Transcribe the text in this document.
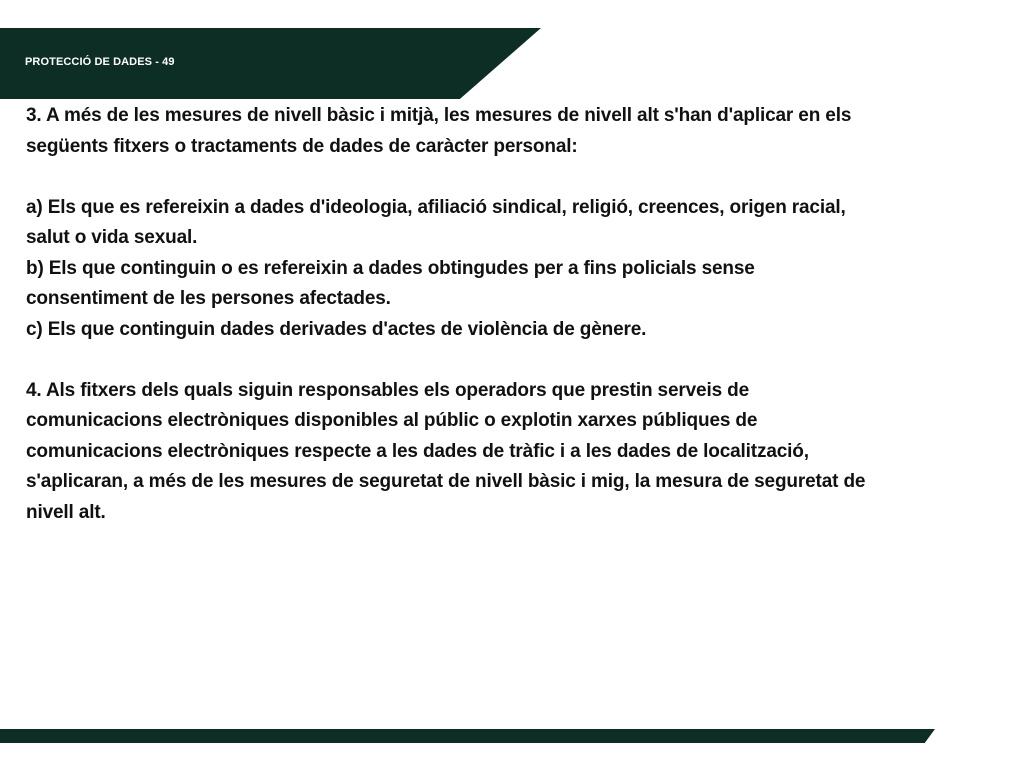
PROTECCIÓ DE DADES - 49

3. A més de les mesures de nivell bàsic i mitjà, les mesures de nivell alt s'han d'aplicar en els

següents fitxers o tractaments de dades de caràcter personal:

a) Els que es refereixin a dades d'ideologia, afiliació sindical, religió, creences, origen racial,

salut o vida sexual.

b) Els que continguin o es refereixin a dades obtingudes per a fins policials sense

consentiment de les persones afectades.

c) Els que continguin dades derivades d'actes de violència de gènere.

4. Als fitxers dels quals siguin responsables els operadors que prestin serveis de

comunicacions electròniques disponibles al públic o explotin xarxes públiques de

comunicacions electròniques respecte a les dades de tràfic i a les dades de localització,

s'aplicaran, a més de les mesures de seguretat de nivell bàsic i mig, la mesura de seguretat de

nivell alt.
